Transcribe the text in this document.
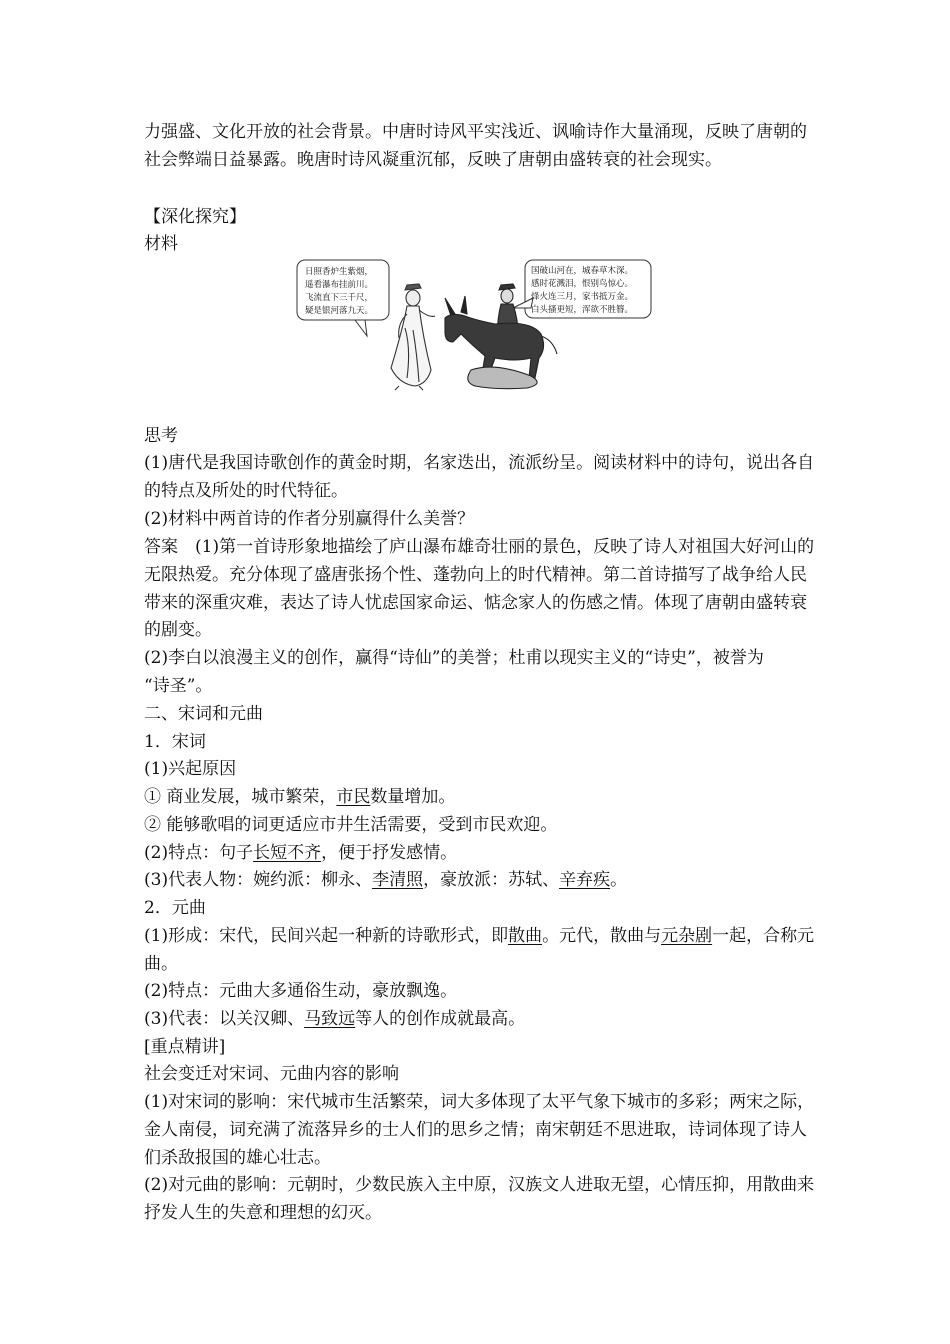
力强盛、文化开放的社会背景。中唐时诗风平实浅近、讽喻诗作大量涌现，反映了唐朝的
社会弊端日益暴露。晚唐时诗风凝重沉郁，反映了唐朝由盛转衰的社会现实。
【深化探究】
材料
日照香炉生紫烟，
遥看瀑布挂前川。
飞流直下三千尺，
疑是银河落九天。
国破山河在，城春草木深。
感时花溅泪，恨别鸟惊心。
烽火连三月，家书抵万金。
白头搔更短，浑欲不胜簪。
思考
(1)唐代是我国诗歌创作的黄金时期，名家迭出，流派纷呈。阅读材料中的诗句，说出各自
的特点及所处的时代特征。
(2)材料中两首诗的作者分别赢得什么美誉？
答案　(1)第一首诗形象地描绘了庐山瀑布雄奇壮丽的景色，反映了诗人对祖国大好河山的
无限热爱。充分体现了盛唐张扬个性、蓬勃向上的时代精神。第二首诗描写了战争给人民
带来的深重灾难，表达了诗人忧虑国家命运、惦念家人的伤感之情。体现了唐朝由盛转衰
的剧变。
(2)李白以浪漫主义的创作，赢得“诗仙”的美誉；杜甫以现实主义的“诗史”，被誉为
“诗圣”。
二、宋词和元曲
1．宋词
(1)兴起原因
① 商业发展，城市繁荣，市民数量增加。
② 能够歌唱的词更适应市井生活需要，受到市民欢迎。
(2)特点：句子长短不齐，便于抒发感情。
(3)代表人物：婉约派：柳永、李清照，豪放派：苏轼、辛弃疾。
2．元曲
(1)形成：宋代，民间兴起一种新的诗歌形式，即散曲。元代，散曲与元杂剧一起，合称元
曲。
(2)特点：元曲大多通俗生动，豪放飘逸。
(3)代表：以关汉卿、马致远等人的创作成就最高。
[重点精讲]
社会变迁对宋词、元曲内容的影响
(1)对宋词的影响：宋代城市生活繁荣，词大多体现了太平气象下城市的多彩；两宋之际，
金人南侵，词充满了流落异乡的士人们的思乡之情；南宋朝廷不思进取，诗词体现了诗人
们杀敌报国的雄心壮志。
(2)对元曲的影响：元朝时，少数民族入主中原，汉族文人进取无望，心情压抑，用散曲来
抒发人生的失意和理想的幻灭。
